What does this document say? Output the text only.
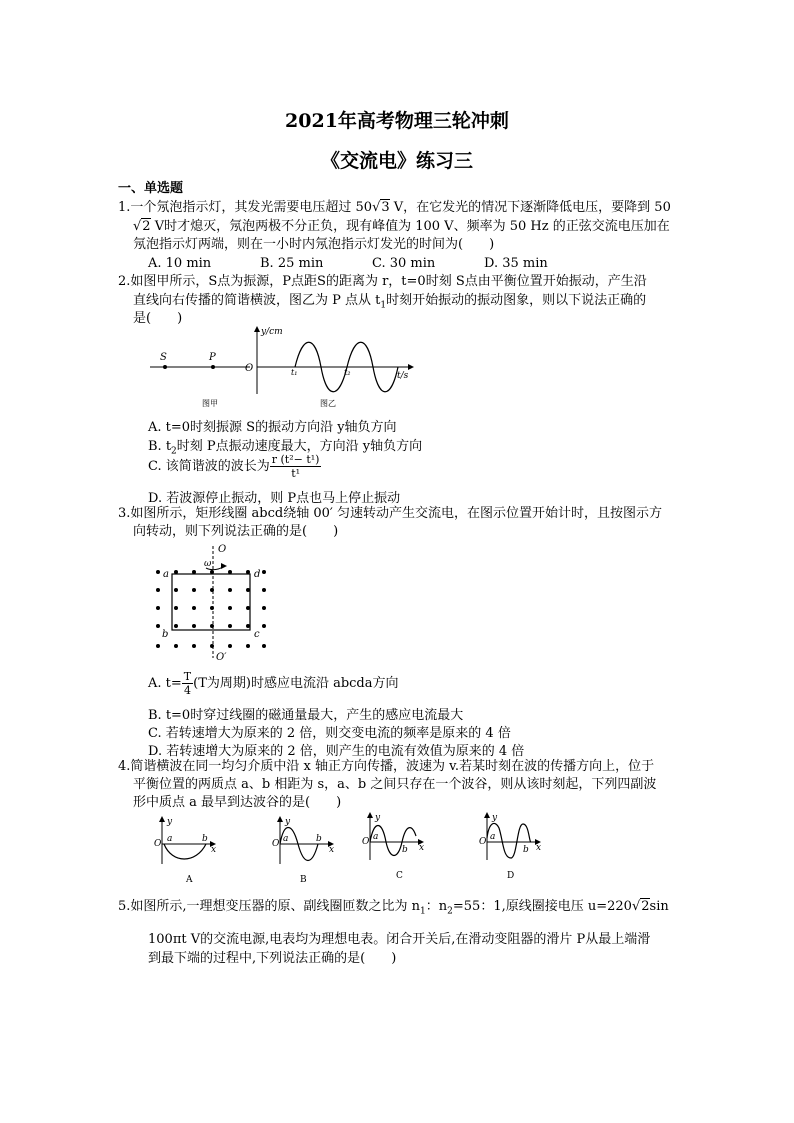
2021年高考物理三轮冲刺
《交流电》练习三
一、单选题
1.一个氖泡指示灯，其发光需要电压超过 50√3 V，在它发光的情况下逐渐降低电压，要降到 50
√2 V时才熄灭，氖泡两极不分正负，现有峰值为 100 V、频率为 50 Hz 的正弦交流电压加在
氖泡指示灯两端，则在一小时内氖泡指示灯发光的时间为(　　)
A. 10 min	B. 25 min	C. 30 min	D. 35 min
2.如图甲所示，S点为振源，P点距S的距离为 r，t=0时刻 S点由平衡位置开始振动，产生沿
直线向右传播的简谐横波，图乙为 P 点从 $t_1$时刻开始振动的振动图象，则以下说法正确的
是(　　)
S	P
图甲
y/cm
O
t/s
t₁	t₂
图乙
A. t=0时刻振源 S的振动方向沿 y轴负方向
B. $t_2$时刻 P点振动速度最大，方向沿 y轴负方向
C. 该简谐波的波长为 $\frac{\text{r (t²− t¹)}}{\text{t¹}}$
D. 若波源停止振动，则 P点也马上停止振动
3.如图所示，矩形线圈 abcd绕轴 00′ 匀速转动产生交流电，在图示位置开始计时，且按图示方
向转动，则下列说法正确的是(　　)
O
ω
O′
a
b	c
d
A. $t= \frac{T}{4} (T$为周期)时感应电流沿 abcda方向
B. t=0时穿过线圈的磁通量最大，产生的感应电流最大
C. 若转速增大为原来的 2 倍，则交变电流的频率是原来的 4 倍
D. 若转速增大为原来的 2 倍，则产生的电流有效值为原来的 4 倍
4.简谐横波在同一均匀介质中沿 x 轴正方向传播，波速为 v.若某时刻在波的传播方向上，位于
平衡位置的两质点 a、b 相距为 s，a、b 之间只存在一个波谷，则从该时刻起，下列四副波
形中质点 a 最早到达波谷的是(　　)
y
O a	b
x
A
y
O a	b
x
B
y
O a
b x
C
y
O a
b x
D
5.如图所示,一理想变压器的原、副线圈匝数之比为 $n_1$：$n_2=55$：1,原线圈接电压 u=220√2sin
100πt V的交流电源,电表均为理想电表。闭合开关后,在滑动变阻器的滑片 P从最上端滑
到最下端的过程中,下列说法正确的是(　　)
